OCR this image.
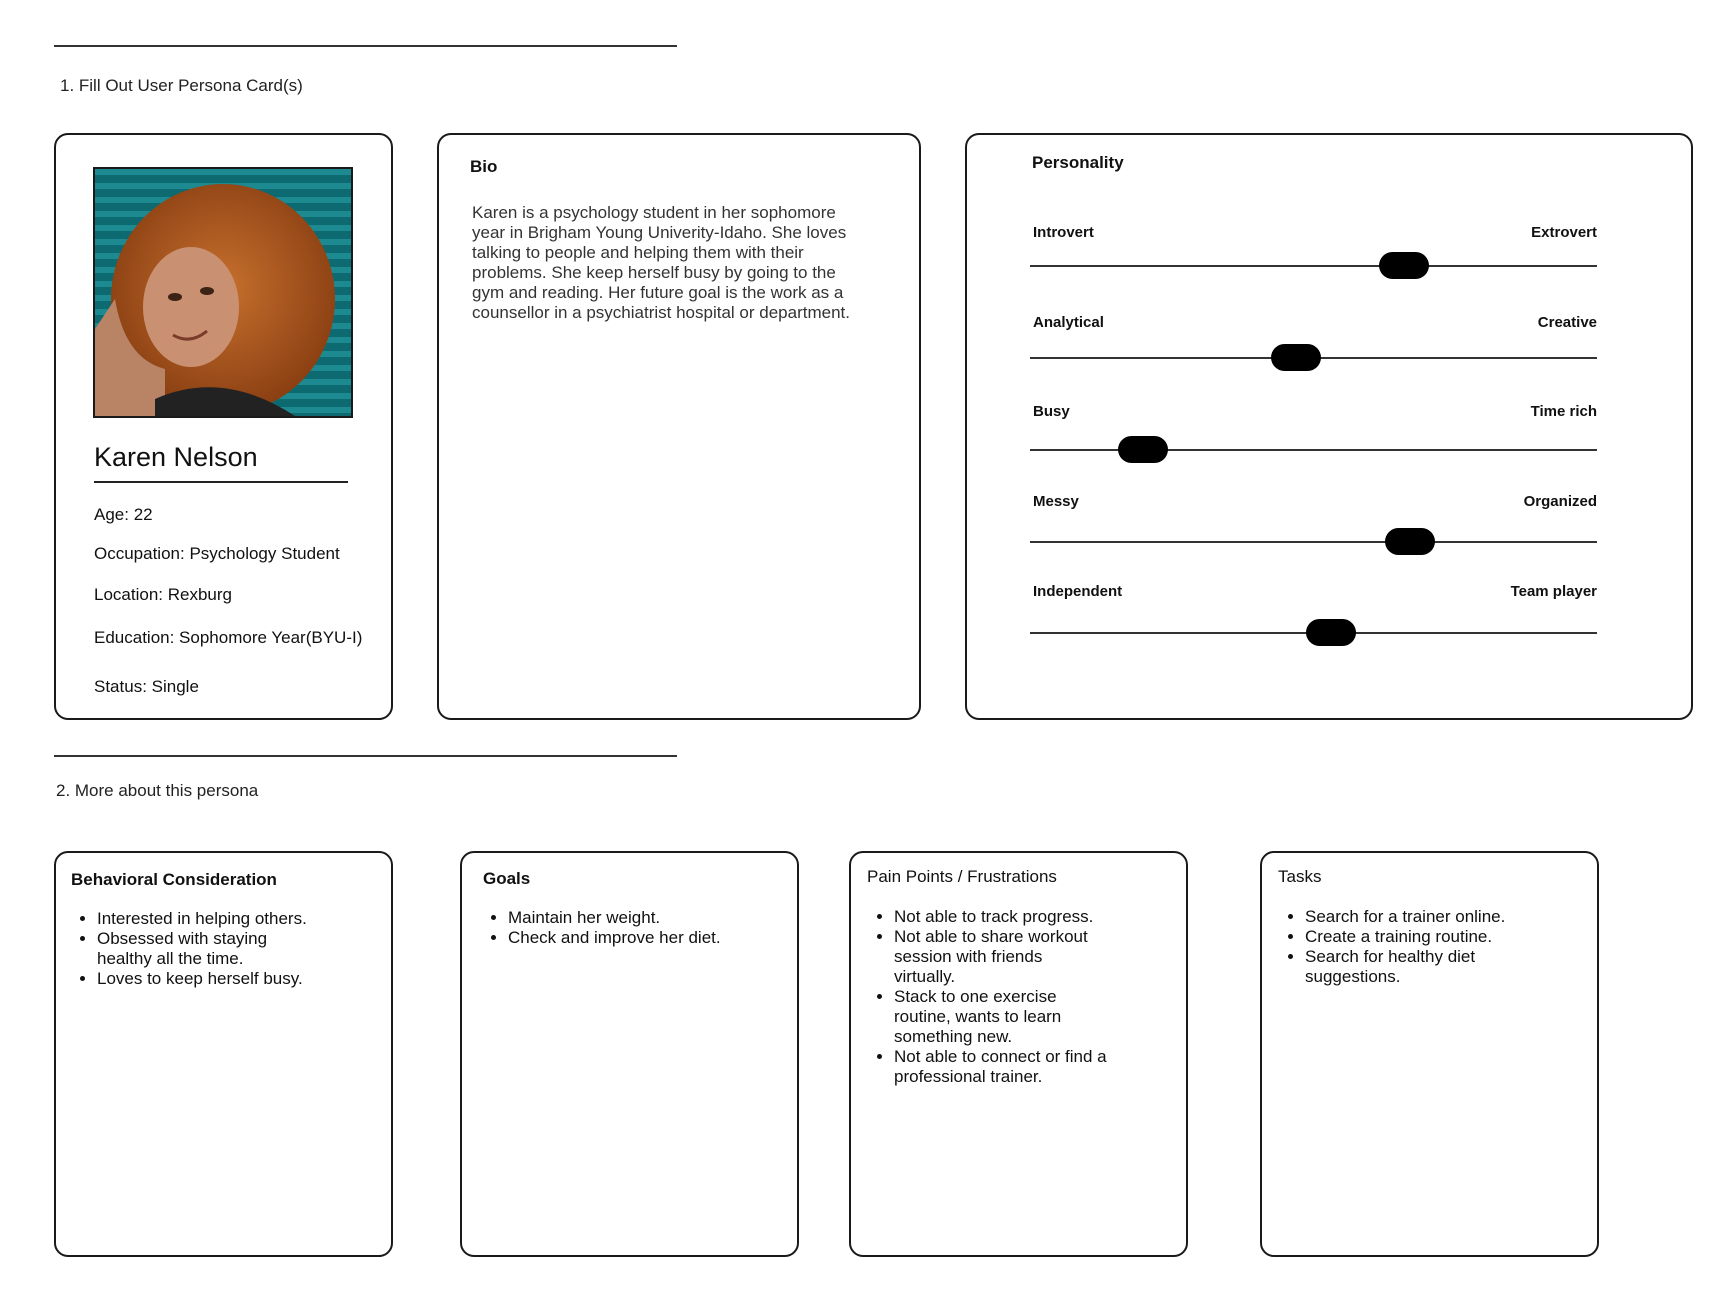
1. Fill Out User Persona Card(s)
Karen Nelson
Age: 22
Occupation: Psychology Student
Location: Rexburg
Education: Sophomore Year(BYU-I)
Status: Single
Bio
Karen is a psychology student in her sophomore
year in Brigham Young Univerity-Idaho. She loves
talking to people and helping them with their
problems. She keep herself busy by going to the
gym and reading. Her future goal is the work as a
counsellor in a psychiatrist hospital or department.
Personality
Introvert	Extrovert
Analytical	Creative
Busy	Time rich
Messy	Organized
Independent	Team player
2. More about this persona
Behavioral Consideration
• Interested in helping others.
• Obsessed with staying healthy all the time.
• Loves to keep herself busy.
Goals
• Maintain her weight.
• Check and improve her diet.
Pain Points / Frustrations
• Not able to track progress.
• Not able to share workout session with friends virtually.
• Stack to one exercise routine, wants to learn something new.
• Not able to connect or find a professional trainer.
Tasks
• Search for a trainer online.
• Create a training routine.
• Search for healthy diet suggestions.
